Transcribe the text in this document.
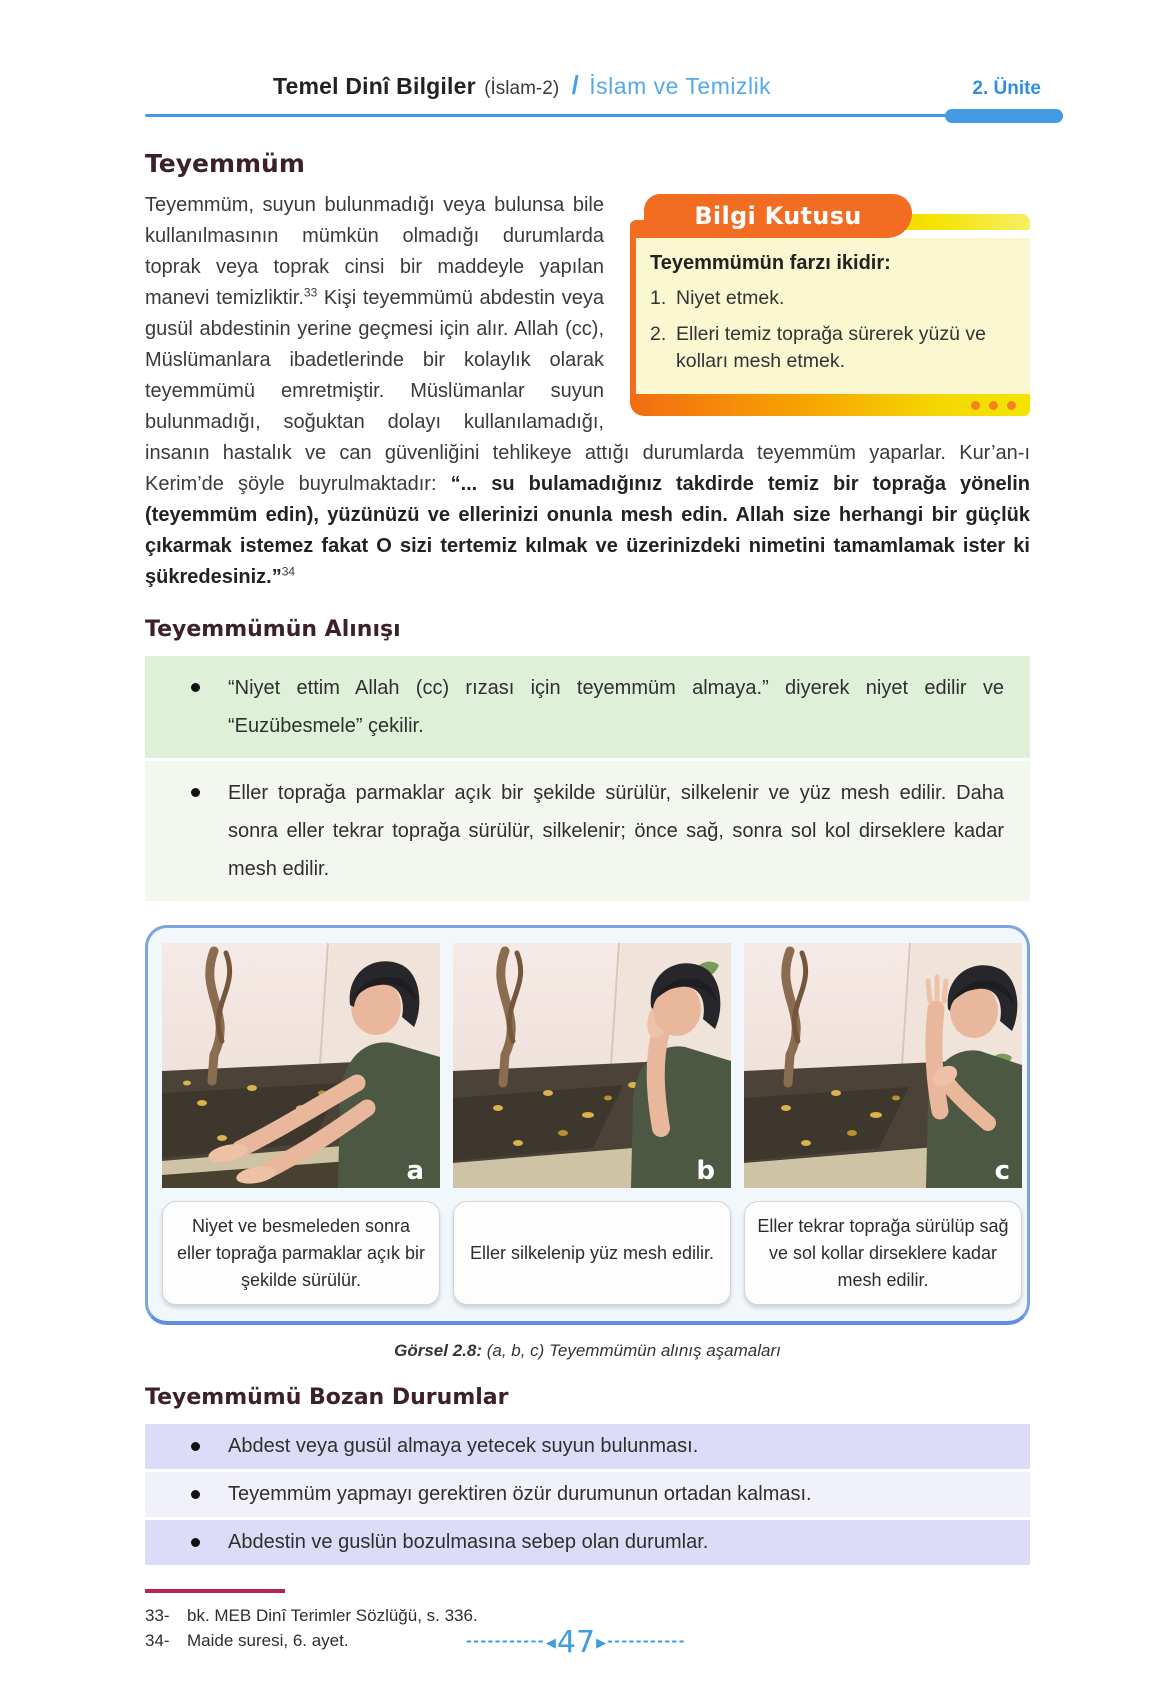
Temel Dinî Bilgiler (İslam-2) / İslam ve Temizlik	2. Ünite
Teyemmüm
Bilgi Kutusu

Teyemmümün farzı ikidir:

1. Niyet etmek.
2. Elleri temiz toprağa sürerek yüzü ve kolları mesh etmek.

Teyemmüm, suyun bulunmadığı veya bulunsa bile kullanılmasının mümkün olmadığı durumlarda toprak veya toprak cinsi bir maddeyle yapılan manevi temizliktir.$^{33}$ Kişi teyemmümü abdestin veya gusül abdestinin yerine geçmesi için alır. Allah (cc), Müslümanlara ibadetlerinde bir kolaylık olarak teyemmümü emretmiştir. Müslümanlar suyun bulunmadığı, soğuktan dolayı kullanılamadığı, insanın hastalık ve can güvenliğini tehlikeye attığı durumlarda teyemmüm yaparlar. Kur’an-ı Kerim’de şöyle buyrulmaktadır: “... su bulamadığınız takdirde temiz bir toprağa yönelin (teyemmüm edin), yüzünüzü ve ellerinizi onunla mesh edin. Allah size herhangi bir güçlük çıkarmak istemez fakat O sizi tertemiz kılmak ve üzerinizdeki nimetini tamamlamak ister ki şükredesiniz.”$^{34}$

Teyemmümün Alınışı

“Niyet ettim Allah (cc) rızası için teyemmüm almaya.” diyerek niyet edilir ve “Euzübesmele” çekilir.

Eller toprağa parmaklar açık bir şekilde sürülür, silkelenir ve yüz mesh edilir. Daha sonra eller tekrar toprağa sürülür, silkelenir; önce sağ, sonra sol kol dirseklere kadar mesh edilir.

a

Niyet ve besmeleden sonra eller toprağa parmaklar açık bir şekilde sürülür.

b

Eller silkelenip yüz mesh edilir.

c

Eller tekrar toprağa sürülüp sağ ve sol kollar dirseklere kadar mesh edilir.

Görsel 2.8: (a, b, c) Teyemmümün alınış aşamaları

Teyemmümü Bozan Durumlar

Abdest veya gusül almaya yetecek suyun bulunması.

Teyemmüm yapmayı gerektiren özür durumunun ortadan kalması.

Abdestin ve guslün bozulmasına sebep olan durumlar.

33-	bk. MEB Dinî Terimler Sözlüğü, s. 336.
34-	Maide suresi, 6. ayet.	----------- ◀ 47 ▶ -----------
